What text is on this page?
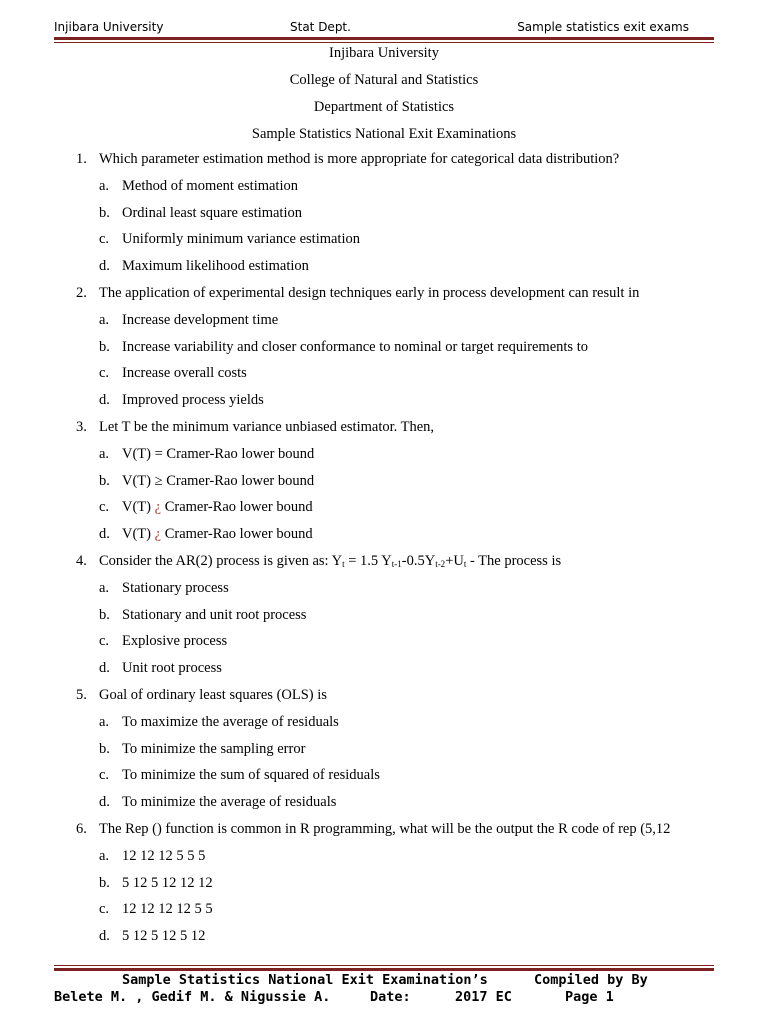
Injibara University	Stat Dept.	Sample statistics exit exams
Injibara University
College of Natural and Statistics
Department of Statistics
Sample Statistics National Exit Examinations
1. Which parameter estimation method is more appropriate for categorical data distribution?
a. Method of moment estimation
b. Ordinal least square estimation
c. Uniformly minimum variance estimation
d. Maximum likelihood estimation
2. The application of experimental design techniques early in process development can result in
a. Increase development time
b. Increase variability and closer conformance to nominal or target requirements to
c. Increase overall costs
d. Improved process yields
3. Let T be the minimum variance unbiased estimator. Then,
a. V(T) = Cramer-Rao lower bound
b. V(T) ≥ Cramer-Rao lower bound
c. V(T) ¿ Cramer-Rao lower bound
d. V(T) ¿ Cramer-Rao lower bound
4. Consider the AR(2) process is given as: $Y_t = 1.5$ $Y_{t-1}-0.5Y_{t-2}+U_t$ - The process is
a. Stationary process
b. Stationary and unit root process
c. Explosive process
d. Unit root process
5. Goal of ordinary least squares (OLS) is
a. To maximize the average of residuals
b. To minimize the sampling error
c. To minimize the sum of squared of residuals
d. To minimize the average of residuals
6. The Rep () function is common in R programming, what will be the output the R code of rep (5,12
a. 12 12 12 5 5 5
b. 5 12 5 12 12 12
c. 12 12 12 12 5 5
d. 5 12 5 12 5 12
Sample Statistics National Exit Examination’s	Compiled by By
Belete M. , Gedif M. & Nigussie A.	Date:	2017 EC	Page 1
